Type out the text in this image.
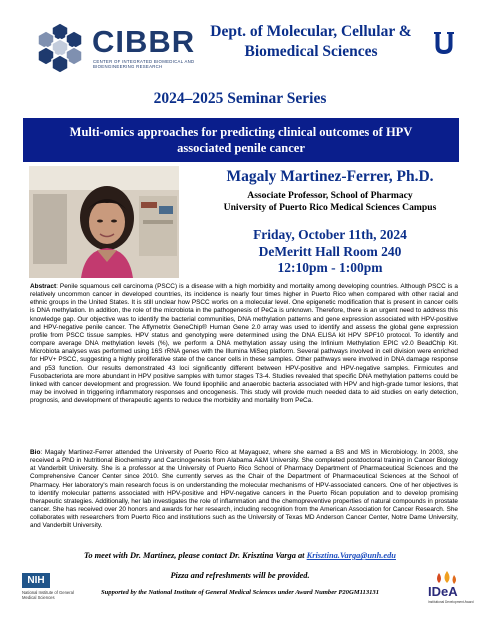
CIBBR
CENTER OF INTEGRATED BIOMEDICAL AND BIOENGINEERING RESEARCH
Dept. of Molecular, Cellular &
Biomedical Sciences
2024–2025 Seminar Series
Multi-omics approaches for predicting clinical outcomes of HPV
associated penile cancer
Magaly Martinez-Ferrer, Ph.D.
Associate Professor, School of Pharmacy
University of Puerto Rico Medical Sciences Campus
Friday, October 11th, 2024
DeMeritt Hall Room 240
12:10pm - 1:00pm

Abstract: Penile squamous cell carcinoma (PSCC) is a disease with a high morbidity and mortality among developing countries. Although PSCC is a relatively uncommon cancer in developed countries, its incidence is nearly four times higher in Puerto Rico when compared with other racial and ethnic groups in the United States. It is still unclear how PSCC works on a molecular level. One epigenetic modification that is present in cancer cells is DNA methylation. In addition, the role of the microbiota in the pathogenesis of PeCa is unknown. Therefore, there is an urgent need to address this knowledge gap. Our objective was to identify the bacterial communities, DNA methylation patterns and gene expression associated with HPV-positive and HPV-negative penile cancer. The Affymetrix GeneChip® Human Gene 2.0 array was used to identify and assess the global gene expression profile from PSCC tissue samples. HPV status and genotyping were determined using the DNA ELISA kit HPV SPF10 protocol. To identify and compare average DNA methylation levels (%), we perform a DNA methylation assay using the Infinium Methylation EPIC v2.0 BeadChip Kit. Microbiota analyses was performed using 16S rRNA genes with the Illumina MiSeq platform. Several pathways involved in cell division were enriched for HPV+ PSCC, suggesting a highly proliferative state of the cancer cells in these samples. Other pathways were involved in DNA damage response and p53 function. Our results demonstrated 43 loci significantly different between HPV-positive and HPV-negative samples. Firmicutes and Fusobacteriota are more abundant in HPV positive samples with tumor stages T3-4. Studies revealed that specific DNA methylation patterns could be linked with cancer development and progression. We found lipophilic and anaerobic bacteria associated with HPV and high-grade tumor lesions, that may be involved in triggering inflammatory responses and oncogenesis. This study will provide much needed data to aid studies on early detection, prognosis, and development of therapeutic agents to reduce the morbidity and mortality from PeCa.

Bio: Magaly Martinez-Ferrer attended the University of Puerto Rico at Mayaguez, where she earned a BS and MS in Microbiology. In 2003, she received a PhD in Nutritional Biochemistry and Carcinogenesis from Alabama A&M University. She completed postdoctoral training in Cancer Biology at Vanderbilt University. She is a professor at the University of Puerto Rico School of Pharmacy Department of Pharmaceutical Sciences and the Comprehensive Cancer Center since 2010. She currently serves as the Chair of the Department of Pharmaceutical Sciences at the School of Pharmacy. Her laboratory's main research focus is on understanding the molecular mechanisms of HPV-associated cancers. One of her objectives is to identify molecular patterns associated with HPV-positive and HPV-negative cancers in the Puerto Rican population and to develop promising therapeutic strategies. Additionally, her lab investigates the role of inflammation and the chemopreventive properties of natural compounds in prostate cancer. She has received over 20 honors and awards for her research, including recognition from the American Association for Cancer Research. She collaborates with researchers from Puerto Rico and institutions such as the University of Texas MD Anderson Cancer Center, Notre Dame University, and Vanderbilt University.

To meet with Dr. Martinez, please contact Dr. Krisztina Varga at Krisztina.Varga@unh.edu
Pizza and refreshments will be provided.
Supported by the National Institute of General Medical Sciences under Award Number P20GM113131
NIH
National Institute of General Medical Sciences	IDeA
Institutional Development Award
